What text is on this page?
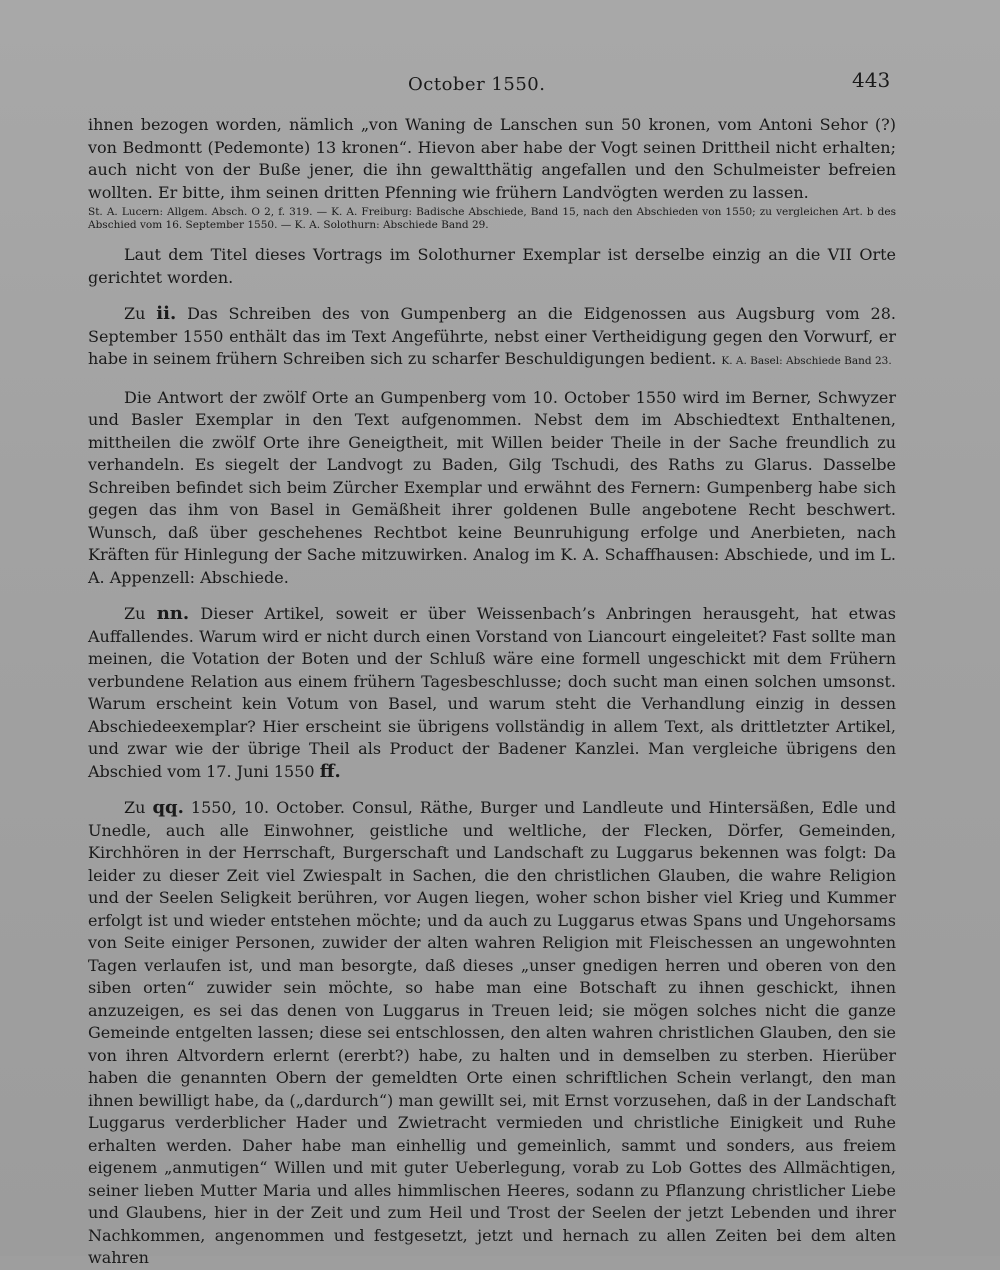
October 1550.	443

ihnen bezogen worden, nämlich „von Waning de Lanschen sun 50 kronen, vom Antoni Sehor (?) von Bedmontt (Pedemonte) 13 kronen“. Hievon aber habe der Vogt seinen Drittheil nicht erhalten; auch nicht von der Buße jener, die ihn gewaltthätig angefallen und den Schulmeister befreien wollten. Er bitte, ihm seinen dritten Pfenning wie frühern Landvögten werden zu lassen.

St. A. Lucern: Allgem. Absch. O 2, f. 319. — K. A. Freiburg: Badische Abschiede, Band 15, nach den Abschieden von 1550; zu vergleichen Art. b des Abschied vom 16. September 1550. — K. A. Solothurn: Abschiede Band 29.

Laut dem Titel dieses Vortrags im Solothurner Exemplar ist derselbe einzig an die VII Orte gerichtet worden.

Zu ii. Das Schreiben des von Gumpenberg an die Eidgenossen aus Augsburg vom 28. September 1550 enthält das im Text Angeführte, nebst einer Vertheidigung gegen den Vorwurf, er habe in seinem frühern Schreiben sich zu scharfer Beschuldigungen bedient. K. A. Basel: Abschiede Band 23.

Die Antwort der zwölf Orte an Gumpenberg vom 10. October 1550 wird im Berner, Schwyzer und Basler Exemplar in den Text aufgenommen. Nebst dem im Abschiedtext Enthaltenen, mittheilen die zwölf Orte ihre Geneigtheit, mit Willen beider Theile in der Sache freundlich zu verhandeln. Es siegelt der Landvogt zu Baden, Gilg Tschudi, des Raths zu Glarus. Dasselbe Schreiben befindet sich beim Zürcher Exemplar und erwähnt des Fernern: Gumpenberg habe sich gegen das ihm von Basel in Gemäßheit ihrer goldenen Bulle angebotene Recht beschwert. Wunsch, daß über geschehenes Rechtbot keine Beunruhigung erfolge und Anerbieten, nach Kräften für Hinlegung der Sache mitzuwirken. Analog im K. A. Schaffhausen: Abschiede, und im L. A. Appenzell: Abschiede.

Zu nn. Dieser Artikel, soweit er über Weissenbach’s Anbringen herausgeht, hat etwas Auffallendes. Warum wird er nicht durch einen Vorstand von Liancourt eingeleitet? Fast sollte man meinen, die Votation der Boten und der Schluß wäre eine formell ungeschickt mit dem Frühern verbundene Relation aus einem frühern Tagesbeschlusse; doch sucht man einen solchen umsonst. Warum erscheint kein Votum von Basel, und warum steht die Verhandlung einzig in dessen Abschiedeexemplar? Hier erscheint sie übrigens vollständig in allem Text, als drittletzter Artikel, und zwar wie der übrige Theil als Product der Badener Kanzlei. Man vergleiche übrigens den Abschied vom 17. Juni 1550 ff.

Zu qq. 1550, 10. October. Consul, Räthe, Burger und Landleute und Hintersäßen, Edle und Unedle, auch alle Einwohner, geistliche und weltliche, der Flecken, Dörfer, Gemeinden, Kirchhören in der Herrschaft, Burgerschaft und Landschaft zu Luggarus bekennen was folgt: Da leider zu dieser Zeit viel Zwiespalt in Sachen, die den christlichen Glauben, die wahre Religion und der Seelen Seligkeit berühren, vor Augen liegen, woher schon bisher viel Krieg und Kummer erfolgt ist und wieder entstehen möchte; und da auch zu Luggarus etwas Spans und Ungehorsams von Seite einiger Personen, zuwider der alten wahren Religion mit Fleischessen an ungewohnten Tagen verlaufen ist, und man besorgte, daß dieses „unser gnedigen herren und oberen von den siben orten“ zuwider sein möchte, so habe man eine Botschaft zu ihnen geschickt, ihnen anzuzeigen, es sei das denen von Luggarus in Treuen leid; sie mögen solches nicht die ganze Gemeinde entgelten lassen; diese sei entschlossen, den alten wahren christlichen Glauben, den sie von ihren Altvordern erlernt (ererbt?) habe, zu halten und in demselben zu sterben. Hierüber haben die genannten Obern der gemeldten Orte einen schriftlichen Schein verlangt, den man ihnen bewilligt habe, da („dardurch“) man gewillt sei, mit Ernst vorzusehen, daß in der Landschaft Luggarus verderblicher Hader und Zwietracht vermieden und christliche Einigkeit und Ruhe erhalten werden. Daher habe man einhellig und gemeinlich, sammt und sonders, aus freiem eigenem „anmutigen“ Willen und mit guter Ueberlegung, vorab zu Lob Gottes des Allmächtigen, seiner lieben Mutter Maria und alles himmlischen Heeres, sodann zu Pflanzung christlicher Liebe und Glaubens, hier in der Zeit und zum Heil und Trost der Seelen der jetzt Lebenden und ihrer Nachkommen, angenommen und festgesetzt, jetzt und hernach zu allen Zeiten bei dem alten wahren
